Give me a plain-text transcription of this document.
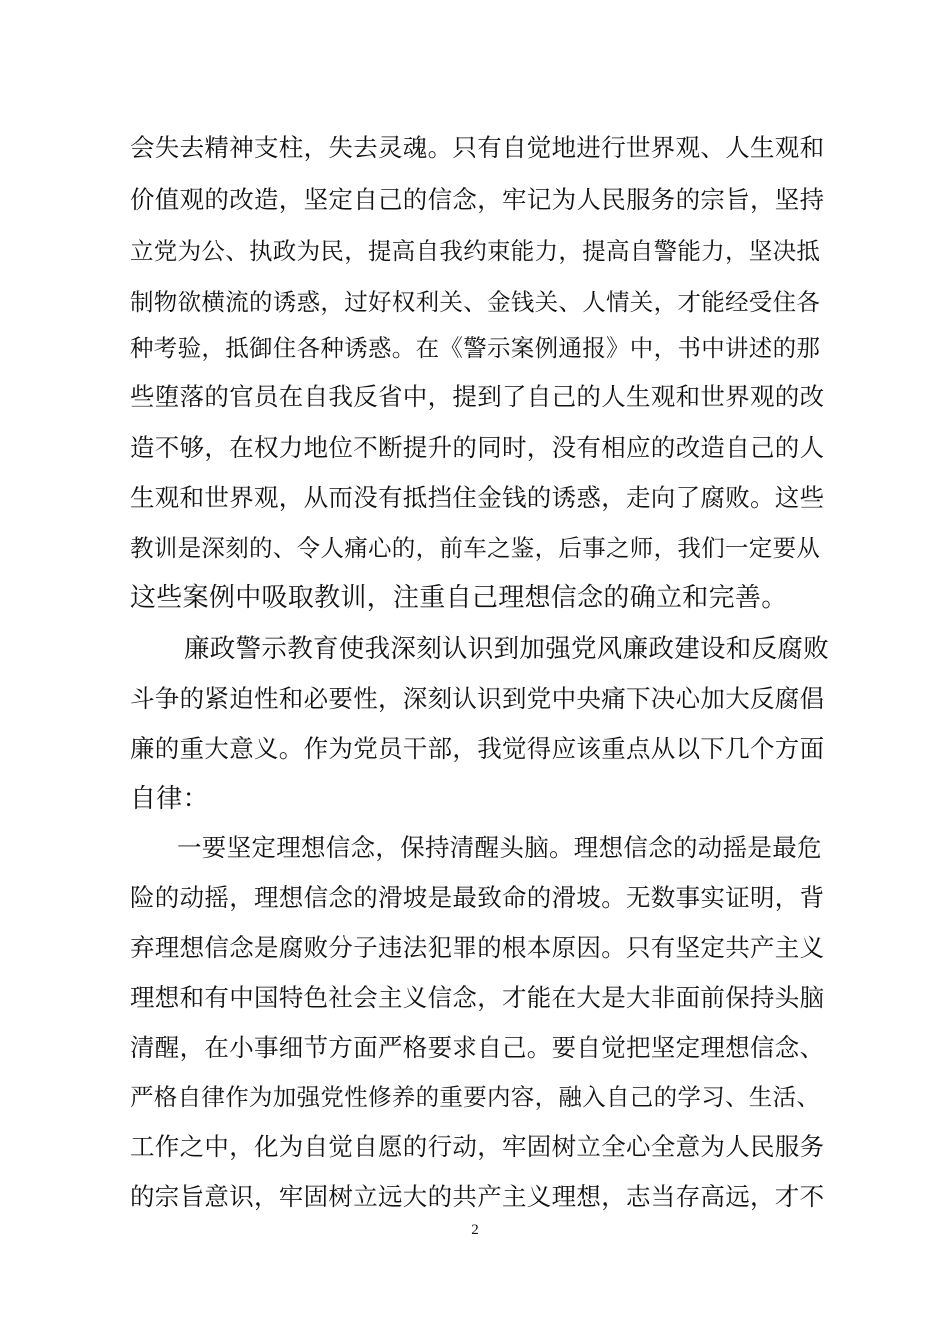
会失去精神支柱，失去灵魂。只有自觉地进行世界观、人生观和
价值观的改造，坚定自己的信念，牢记为人民服务的宗旨，坚持
立党为公、执政为民，提高自我约束能力，提高自警能力，坚决抵
制物欲横流的诱惑，过好权利关、金钱关、人情关，才能经受住各
种考验，抵御住各种诱惑。在《警示案例通报》中，书中讲述的那
些堕落的官员在自我反省中，提到了自己的人生观和世界观的改
造不够，在权力地位不断提升的同时，没有相应的改造自己的人
生观和世界观，从而没有抵挡住金钱的诱惑，走向了腐败。这些
教训是深刻的、令人痛心的，前车之鉴，后事之师，我们一定要从
这些案例中吸取教训，注重自己理想信念的确立和完善。
廉政警示教育使我深刻认识到加强党风廉政建设和反腐败
斗争的紧迫性和必要性，深刻认识到党中央痛下决心加大反腐倡
廉的重大意义。作为党员干部，我觉得应该重点从以下几个方面
自律：
一要坚定理想信念，保持清醒头脑。理想信念的动摇是最危
险的动摇，理想信念的滑坡是最致命的滑坡。无数事实证明，背
弃理想信念是腐败分子违法犯罪的根本原因。只有坚定共产主义
理想和有中国特色社会主义信念，才能在大是大非面前保持头脑
清醒，在小事细节方面严格要求自己。要自觉把坚定理想信念、
严格自律作为加强党性修养的重要内容，融入自己的学习、生活、
工作之中，化为自觉自愿的行动，牢固树立全心全意为人民服务
的宗旨意识，牢固树立远大的共产主义理想，志当存高远，才不
2
